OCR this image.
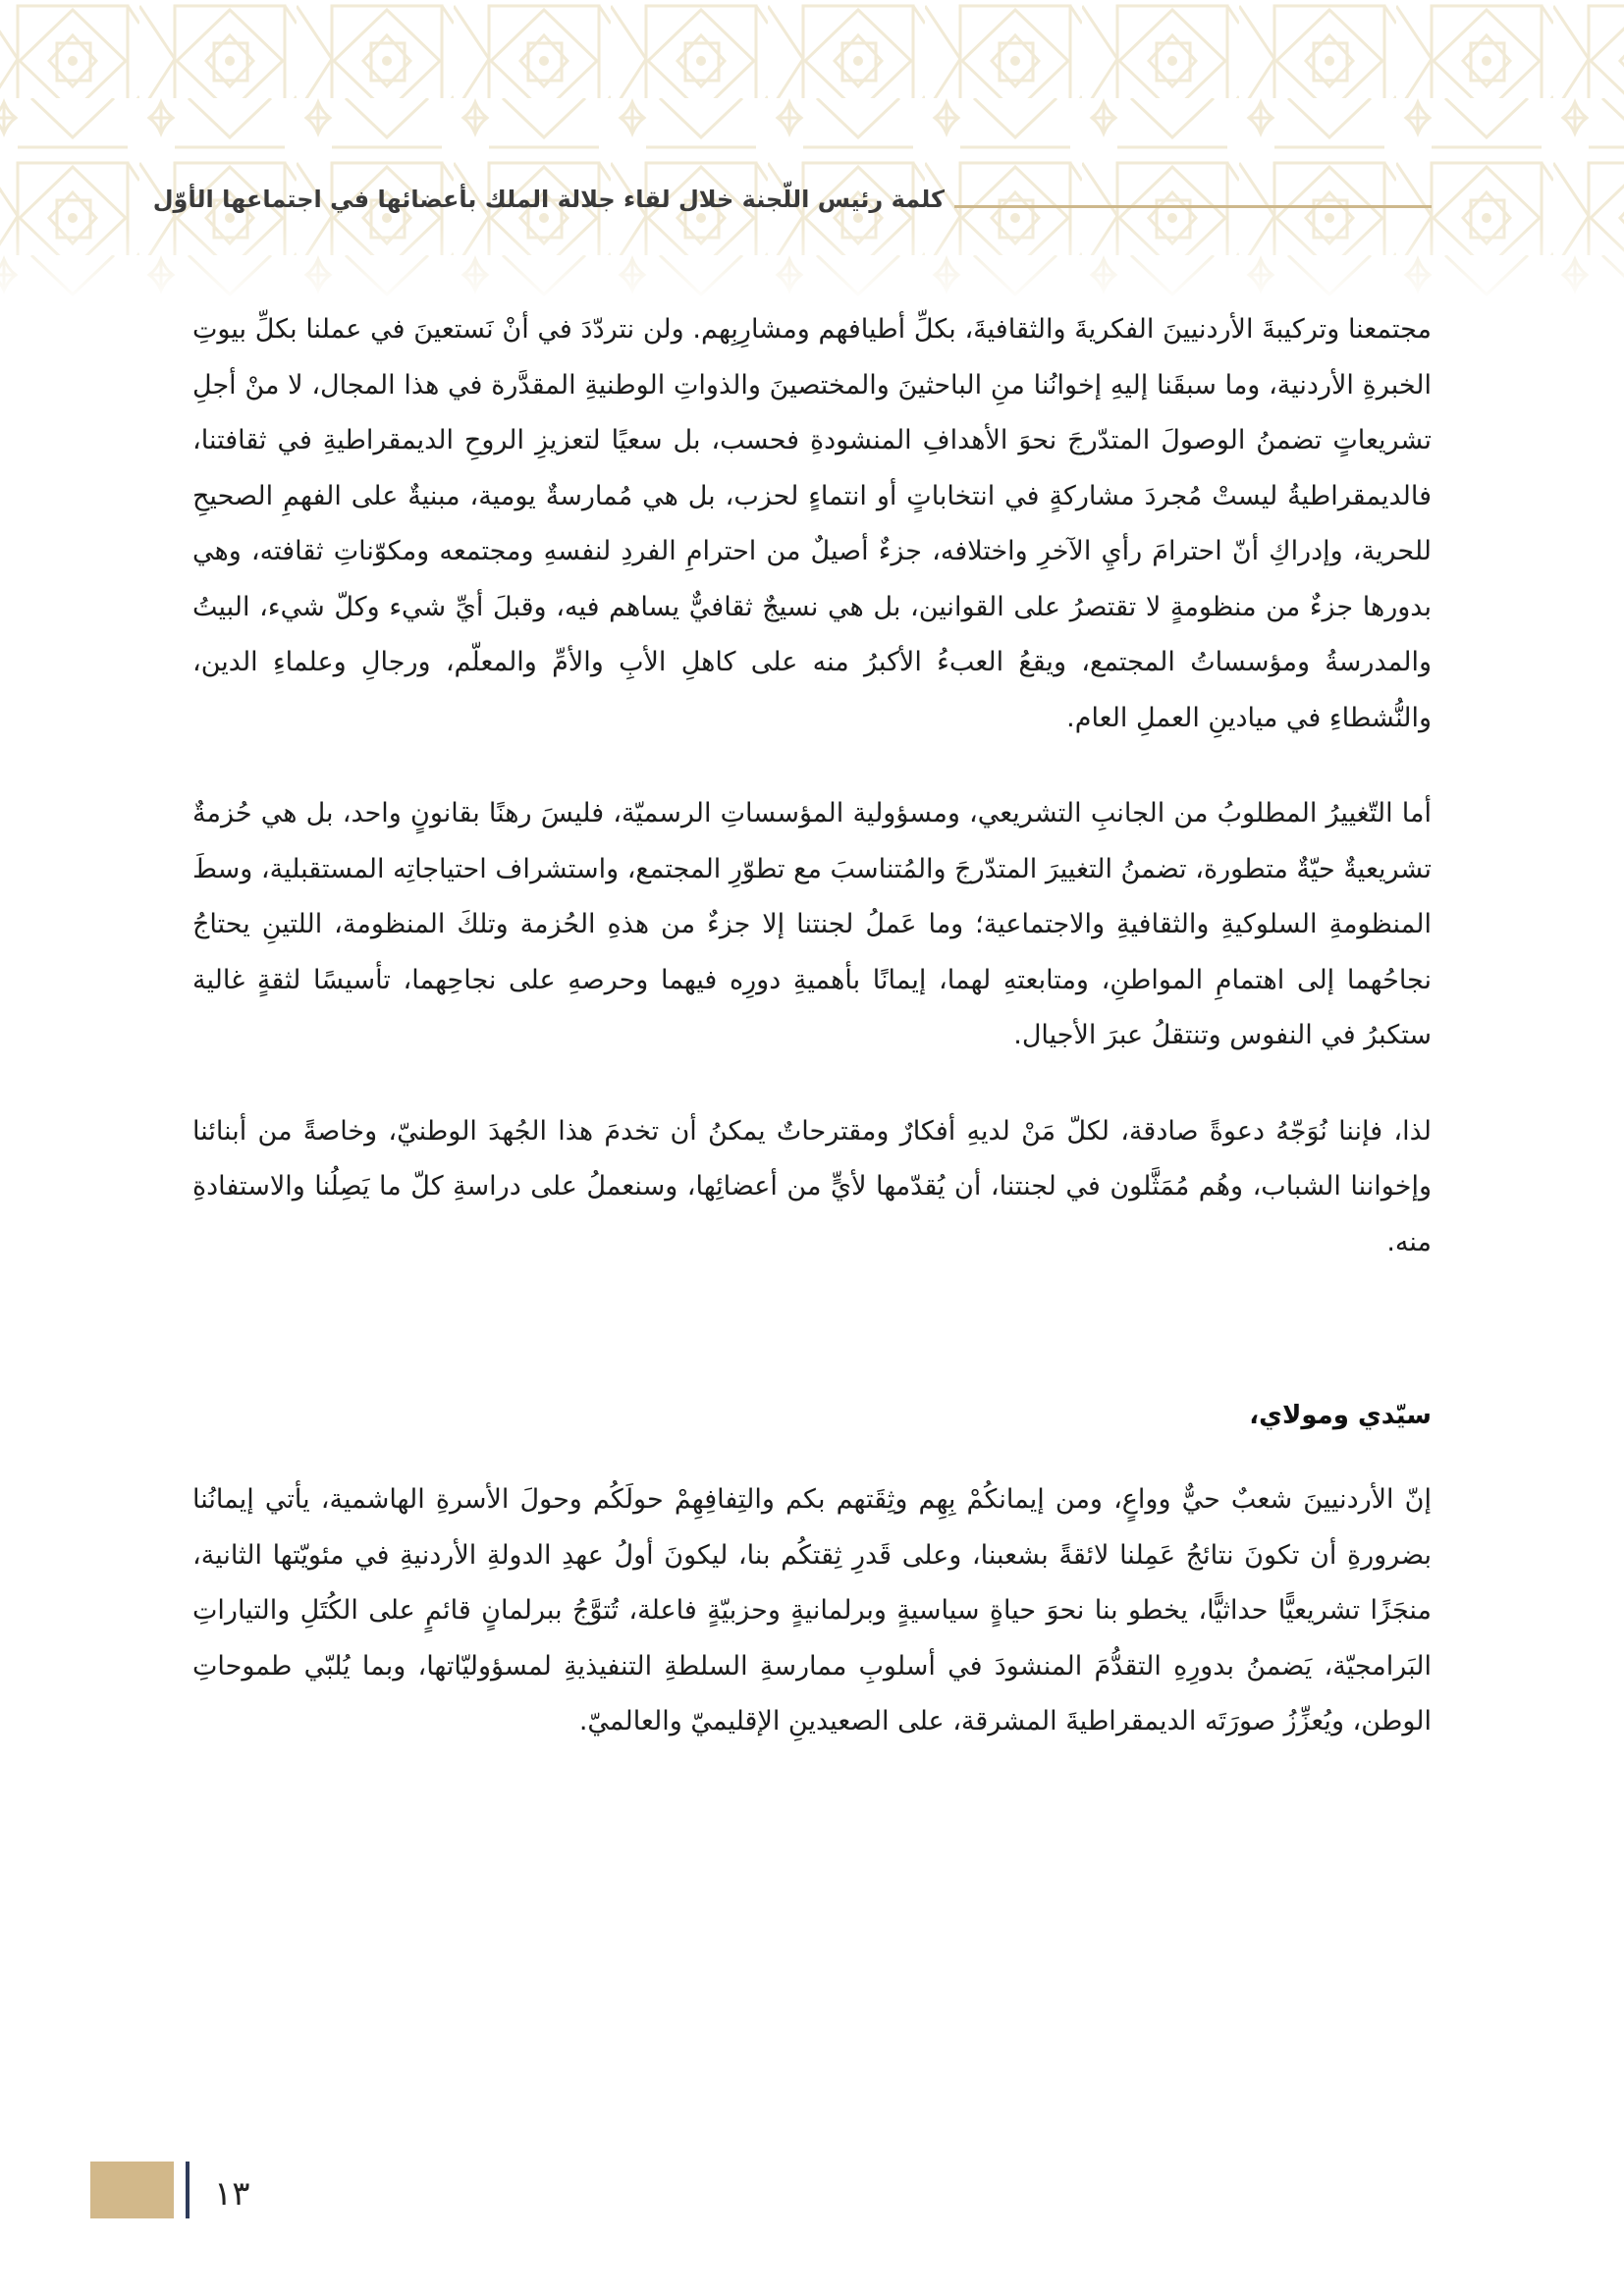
كلمة رئيس اللّجنة خلال لقاء جلالة الملك بأعضائها في اجتماعها الأوّل

مجتمعنا وتركيبةَ الأردنيينَ الفكريةَ والثقافيةَ، بكلِّ أطيافهم ومشارِبِهم. ولن نتردّدَ في أنْ نَستعينَ في عملنا بكلِّ بيوتِ الخبرةِ الأردنية، وما سبقَنا إليهِ إخوانُنا منِ الباحثينَ والمختصينَ والذواتِ الوطنيةِ المقدَّرة في هذا المجال، لا منْ أجلِ تشريعاتٍ تضمنُ الوصولَ المتدّرجَ نحوَ الأهدافِ المنشودةِ فحسب، بل سعيًا لتعزيزِ الروحِ الديمقراطيةِ في ثقافتنا، فالديمقراطيةُ ليستْ مُجردَ مشاركةٍ في انتخاباتٍ أو انتماءٍ لحزب، بل هي مُمارسةٌ يومية، مبنيةٌ على الفهمِ الصحيحِ للحرية، وإدراكِ أنّ احترامَ رأيِ الآخرِ واختلافه، جزءٌ أصيلٌ من احترامِ الفردِ لنفسهِ ومجتمعه ومكوّناتِ ثقافته، وهي بدورها جزءٌ من منظومةٍ لا تقتصرُ على القوانين، بل هي نسيجٌ ثقافيٌّ يساهم فيه، وقبلَ أيِّ شيء وكلّ شيء، البيتُ والمدرسةُ ومؤسساتُ المجتمع، ويقعُ العبءُ الأكبرُ منه على كاهلِ الأبِ والأمِّ والمعلّم، ورجالِ وعلماءِ الدين، والنُّشطاءِ في ميادينِ العملِ العام.

أما التّغييرُ المطلوبُ من الجانبِ التشريعي، ومسؤولية المؤسساتِ الرسميّة، فليسَ رهنًا بقانونٍ واحد، بل هي حُزمةٌ تشريعيةٌ حيّةٌ متطورة، تضمنُ التغييرَ المتدّرجَ والمُتناسبَ مع تطوّرِ المجتمع، واستشراف احتياجاتِه المستقبلية، وسطَ المنظومةِ السلوكيةِ والثقافيةِ والاجتماعية؛ وما عَملُ لجنتنا إلا جزءٌ من هذهِ الحُزمة وتلكَ المنظومة، اللتينِ يحتاجُ نجاحُهما إلى اهتمامِ المواطنِ، ومتابعتهِ لهما، إيمانًا بأهميةِ دورِه فيهما وحرصهِ على نجاحِهما، تأسيسًا لثقةٍ غالية ستكبرُ في النفوس وتنتقلُ عبرَ الأجيال.

لذا، فإننا نُوَجّهُ دعوةً صادقة، لكلّ مَنْ لديهِ أفكارٌ ومقترحاتٌ يمكنُ أن تخدمَ هذا الجُهدَ الوطنيّ، وخاصةً من أبنائنا وإخواننا الشباب، وهُم مُمَثَّلون في لجنتنا، أن يُقدّمها لأيٍّ من أعضائِها، وسنعملُ على دراسةِ كلّ ما يَصِلُنا والاستفادةِ منه.

سيّدي ومولاي،

إنّ الأردنيينَ شعبٌ حيٌّ وواعٍ، ومن إيمانكُمْ بِهِم وثِقَتهم بكم والتِفافِهِمْ حولَكُم وحولَ الأسرةِ الهاشمية، يأتي إيمانُنا بضرورةِ أن تكونَ نتائجُ عَمِلنا لائقةً بشعبنا، وعلى قَدرِ ثِقتكُم بنا، ليكونَ أولُ عهدِ الدولةِ الأردنيةِ في مئويّتها الثانية، منجَزًا تشريعيًّا حداثيًّا، يخطو بنا نحوَ حياةٍ سياسيةٍ وبرلمانيةٍ وحزبيّةٍ فاعلة، تُتوَّجُ ببرلمانٍ قائمٍ على الكُتَلِ والتياراتِ البَرامجيّة، يَضمنُ بدورِهِ التقدُّمَ المنشودَ في أسلوبِ ممارسةِ السلطةِ التنفيذيةِ لمسؤوليّاتها، وبما يُلبّي طموحاتِ الوطن، ويُعزِّزُ صورَتَه الديمقراطيةَ المشرقة، على الصعيدينِ الإقليميّ والعالميّ.

١٣
